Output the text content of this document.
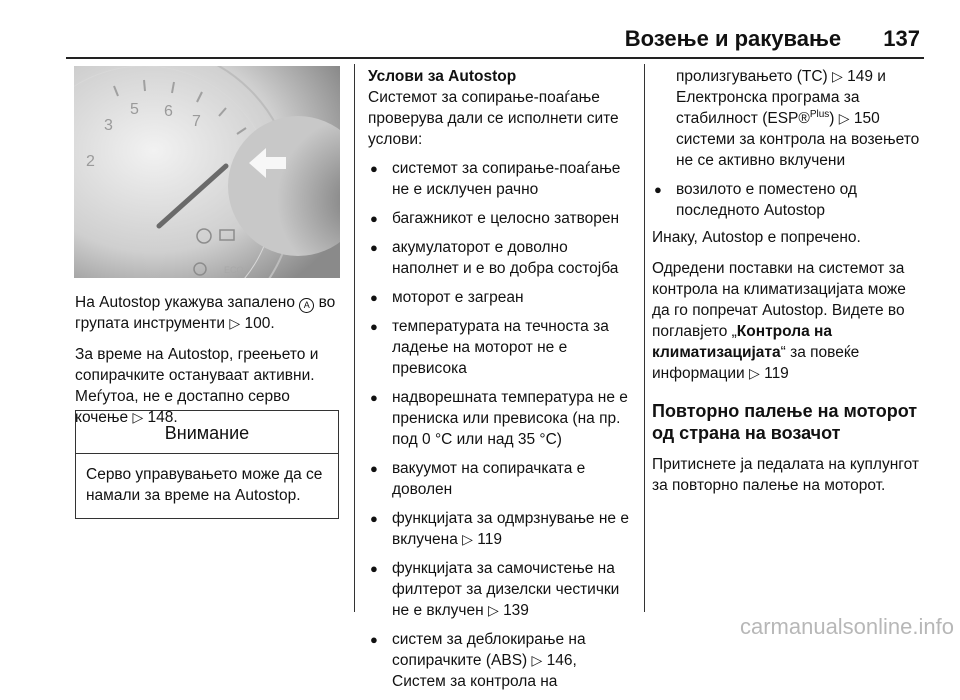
Возење и ракување 137
5 6
7
2
3
ECO

На Autostop укажува запалено A во групата инструменти ▷ 100.

За време на Autostop, греењето и сопирачките остануваат активни. Меѓутоа, не е достапно серво кочење ▷ 148.

Внимание
Серво управувањето може да се намали за време на Autostop.
Услови за Autostop

Системот за сопирање-поаѓање проверува дали се исполнети сите услови:

● системот за сопирање-поаѓање не е исклучен рачно
● багажникот е целосно затворен
● акумулаторот е доволно наполнет и е во добра состојба
● моторот е загреан
● температурата на течноста за ладење на моторот не е превисока
● надворешната температура не е прениска или превисока (на пр. под 0 °C или над 35 °C)
● вакуумот на сопирачката е доволен
● функцијата за одмрзнување не е вклучена ▷ 119
● функцијата за самочистење на филтерот за дизелски честички не е вклучен ▷ 139
● систем за деблокирање на сопирачките (ABS) ▷ 146,
Систем за контрола на
пролизгувањето (TC) ▷ 149 и
Електронска програма за стабилност (ESP®$^{Plus}$) ▷ 150
системи за контрола на возењето не се активно вклучени
● возилото е поместено од последното Autostop

Инаку, Autostop е попречено.

Одредени поставки на системот за контрола на климатизацијата може да го попречат Autostop. Видете во поглавјето „Контрола на климатизацијата“ за повеќе информации ▷ 119

Повторно палење на моторот од страна на возачот

Притиснете ја педалата на куплунгот за повторно палење на моторот.

carmanualsonline.info
